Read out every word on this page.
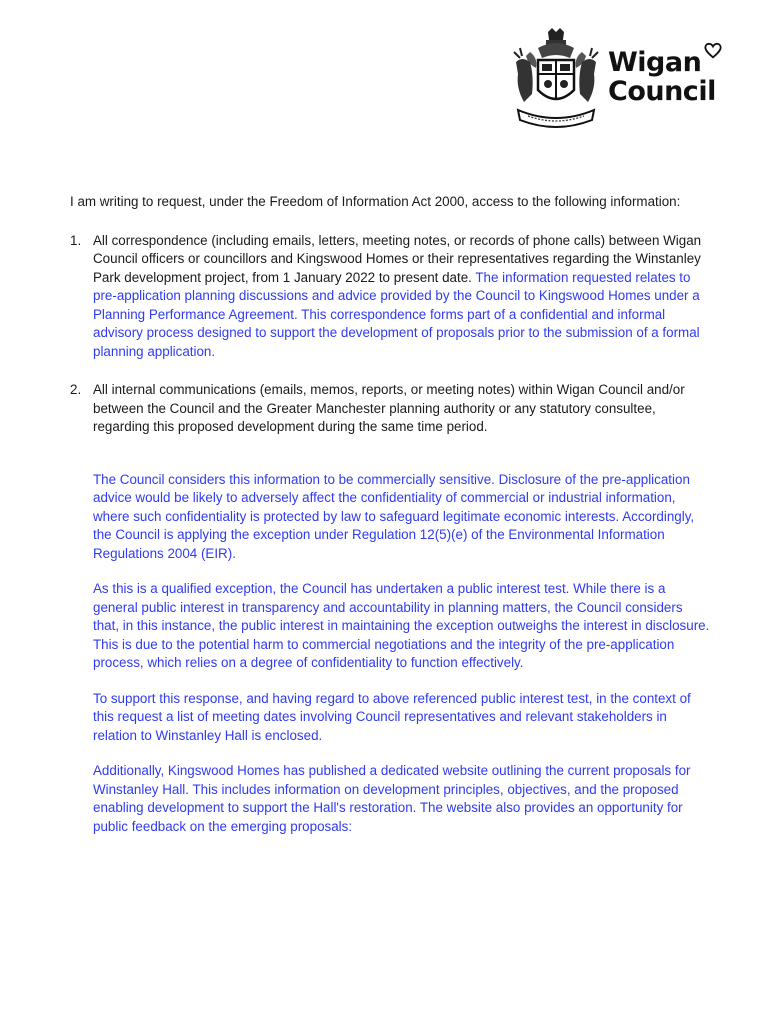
Wigan
Council

I am writing to request, under the Freedom of Information Act 2000, access to the following information:

1. All correspondence (including emails, letters, meeting notes, or records of phone calls) between Wigan Council officers or councillors and Kingswood Homes or their representatives regarding the Winstanley Park development project, from 1 January 2022 to present date. The information requested relates to pre-application planning discussions and advice provided by the Council to Kingswood Homes under a Planning Performance Agreement. This correspondence forms part of a confidential and informal advisory process designed to support the development of proposals prior to the submission of a formal planning application.

2. All internal communications (emails, memos, reports, or meeting notes) within Wigan Council and/or between the Council and the Greater Manchester planning authority or any statutory consultee, regarding this proposed development during the same time period.

The Council considers this information to be commercially sensitive. Disclosure of the pre-application advice would be likely to adversely affect the confidentiality of commercial or industrial information, where such confidentiality is protected by law to safeguard legitimate economic interests. Accordingly, the Council is applying the exception under Regulation 12(5)(e) of the Environmental Information Regulations 2004 (EIR).

As this is a qualified exception, the Council has undertaken a public interest test. While there is a general public interest in transparency and accountability in planning matters, the Council considers that, in this instance, the public interest in maintaining the exception outweighs the interest in disclosure. This is due to the potential harm to commercial negotiations and the integrity of the pre-application process, which relies on a degree of confidentiality to function effectively.

To support this response, and having regard to above referenced public interest test, in the context of this request a list of meeting dates involving Council representatives and relevant stakeholders in relation to Winstanley Hall is enclosed.

Additionally, Kingswood Homes has published a dedicated website outlining the current proposals for Winstanley Hall. This includes information on development principles, objectives, and the proposed enabling development to support the Hall's restoration. The website also provides an opportunity for public feedback on the emerging proposals:
